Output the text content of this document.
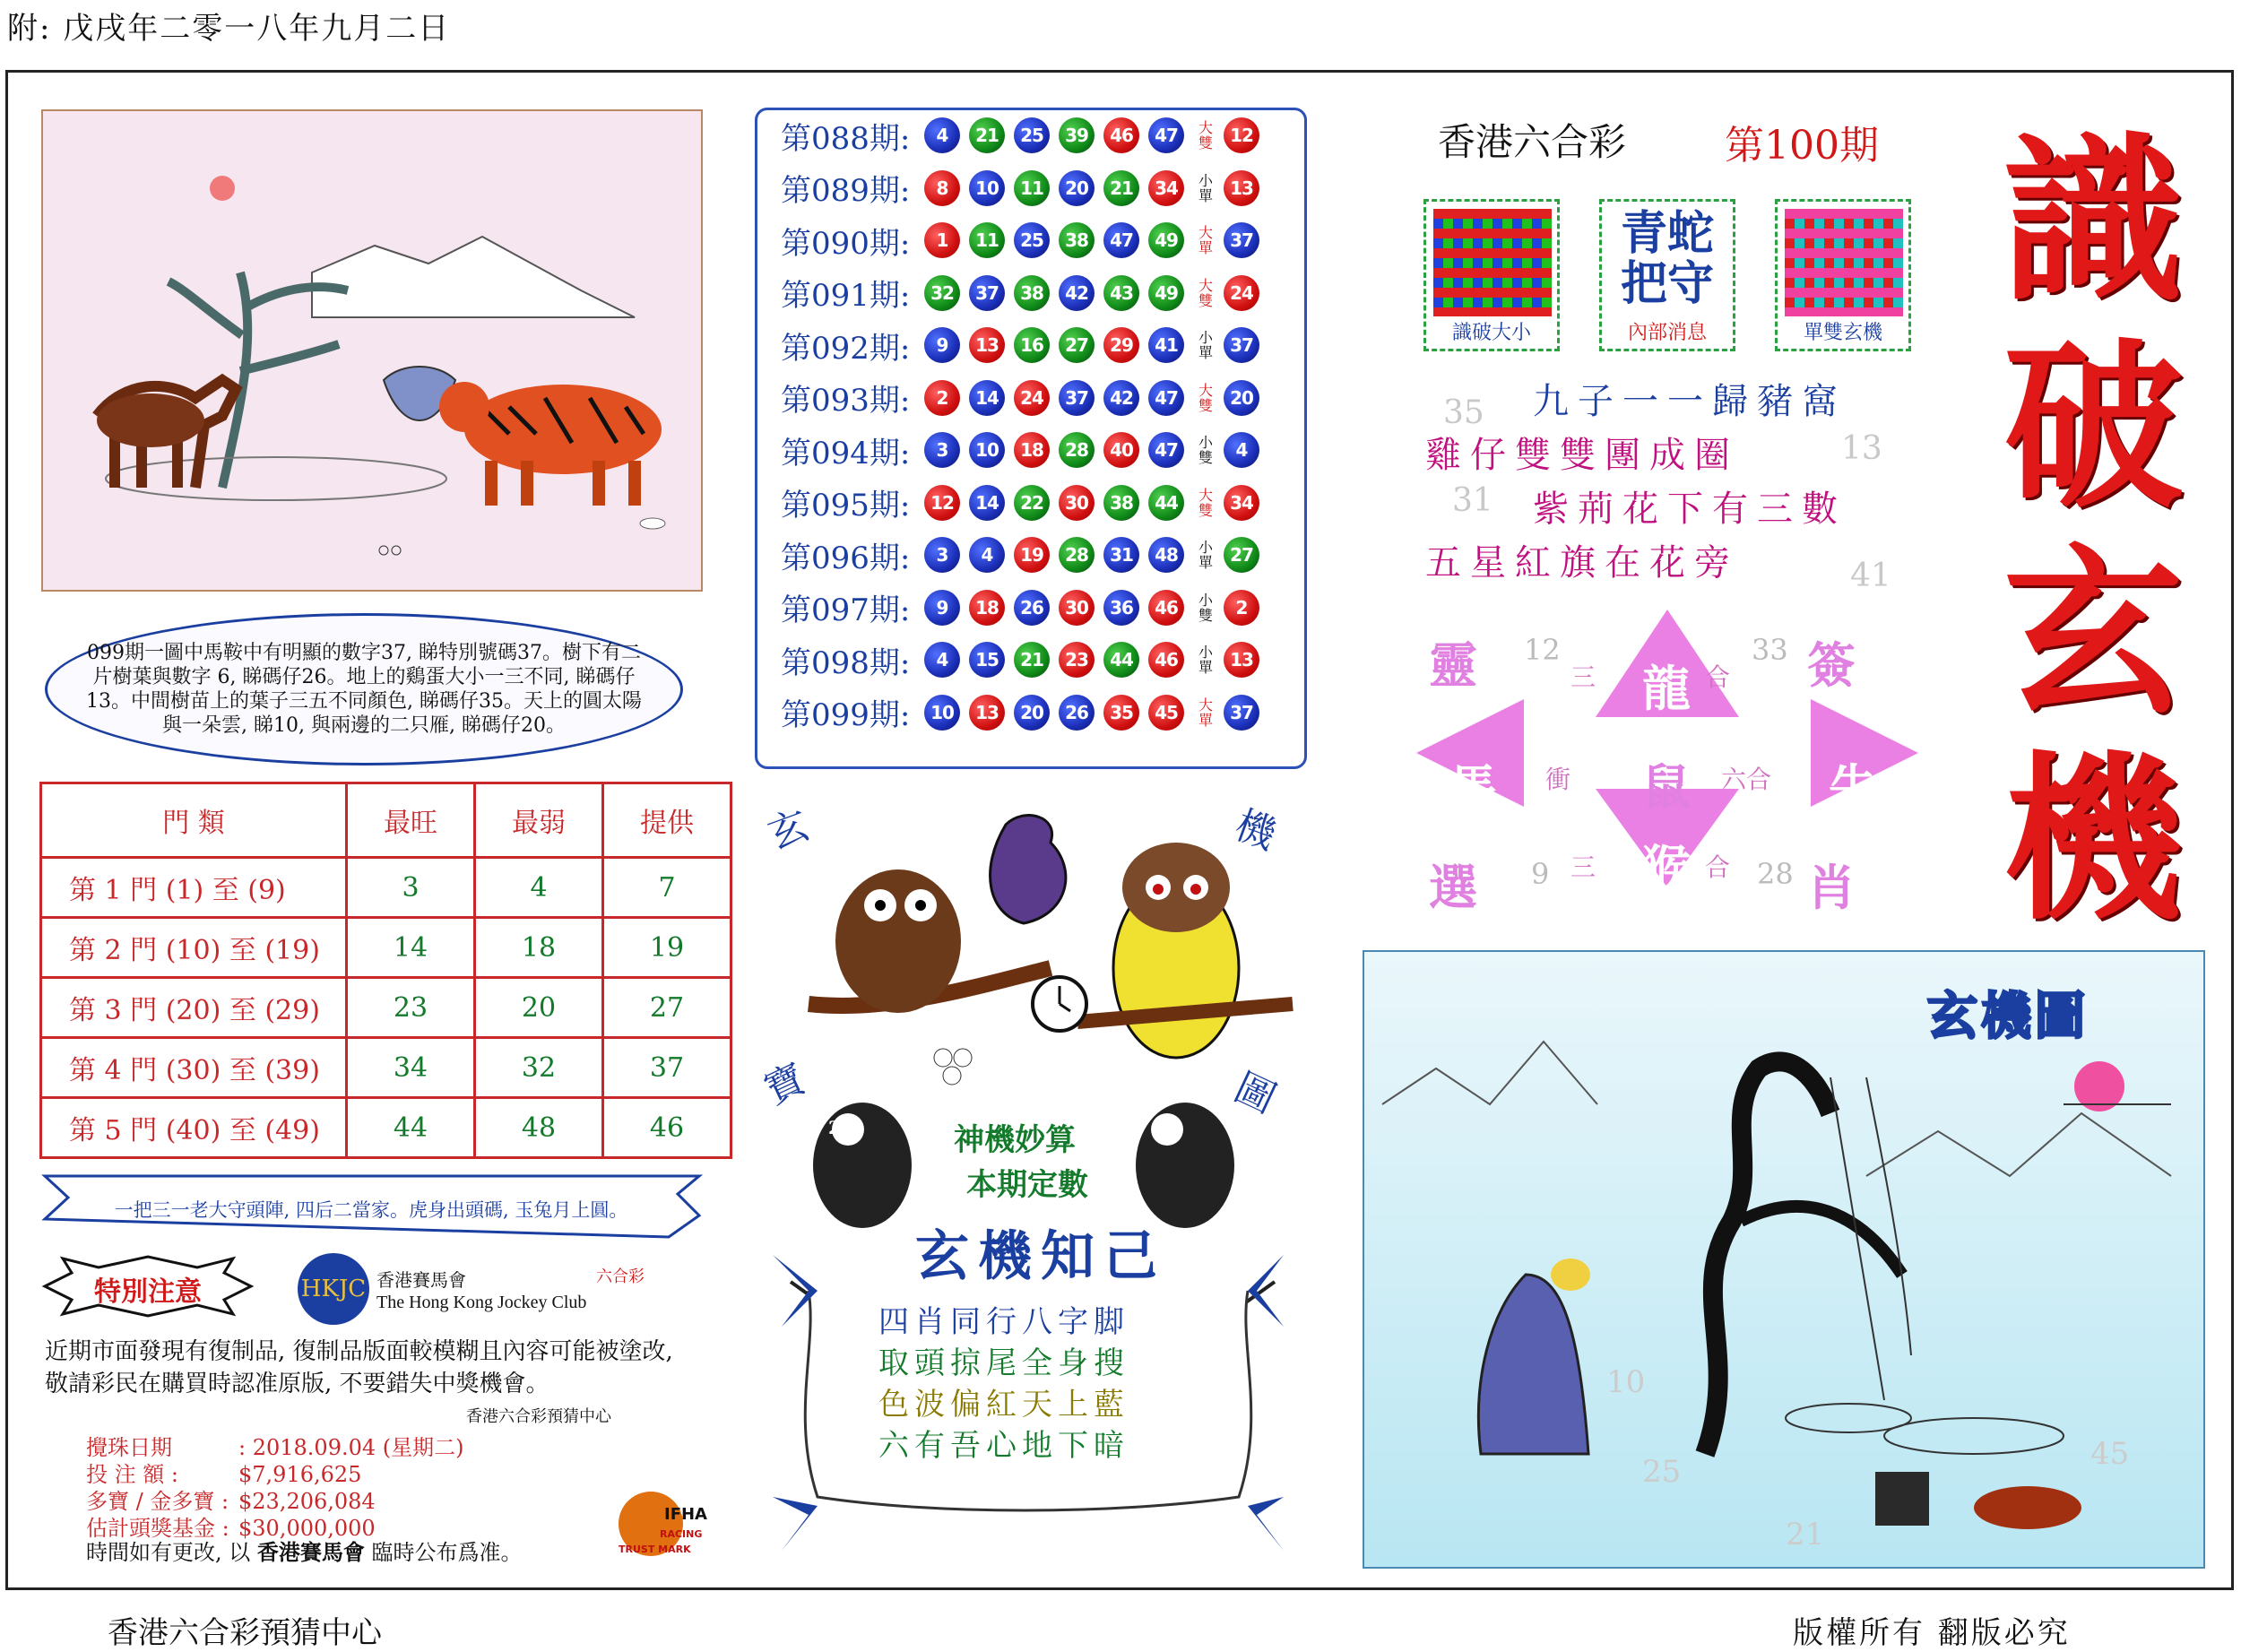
附: 戊戌年二零一八年九月二日
香港六合彩預猜中心	版權所有 翻版必究

099期一圖中馬鞍中有明顯的數字37, 睇特別號碼37。樹下有二片樹葉與數字 6, 睇碼仔26。地上的鷄蛋大小一三不同, 睇碼仔13。中間樹苗上的葉子三五不同顏色, 睇碼仔35。天上的圓太陽與一朵雲, 睇10, 與兩邊的二只雁, 睇碼仔20。

門 類	最旺	最弱	提供
第 1 門 (1) 至 (9)	3	4	7
第 2 門 (10) 至 (19)	14	18	19
第 3 門 (20) 至 (29)	23	20	27
第 4 門 (30) 至 (39)	34	32	37
第 5 門 (40) 至 (49)	44	48	46
一把三一老大守頭陣, 四后二當家。虎身出頭碼, 玉兔月上圓。
特別注意	HKJC 香港賽馬會
The Hong Kong Jockey Club
六合彩
近期市面發現有復制品, 復制品版面較模糊且內容可能被塗改, 敬請彩民在購買時認准原版, 不要錯失中獎機會。
香港六合彩預猜中心
攪珠日期	: 2018.09.04 (星期二)
投 注 額 :	$7,916,625
多寶 / 金多寶 : $23,206,084
估計頭獎基金 : $30,000,000
時間如有更改, 以 香港賽馬會 臨時公布爲准。
IFHA
RACING
TRUST MARK
第088期:	4	21	25	39	46	47	大雙 12
第089期:	8	10	11	20	21	34	小單 13
第090期:	1	11	25	38	47	49	大單 37
第091期:	32	37	38	42	43	49	大雙 24
第092期:	9	13	16	27	29	41	小單 37
第093期:	2	14	24	37	42	47	大雙 20
第094期:	3	10	18	28	40	47	小雙	4
第095期:	12	14	22	30	38	44	大雙 34
第096期:	3	4	19	28	31	48	小單 27
第097期:	9	18	26	30	36	46	小雙	2
第098期:	4	15	21	23	44	46	小單 13
第099期:	10	13	20	26	35	45	大單 37
玄	機
寶	圖
24	49
神機妙算
本期定數
玄機知己
四肖同行八字脚
取頭掠尾全身搜
色波偏紅天上藍
六有吾心地下暗
香港六合彩 第100期
識破大小
青蛇
把守
內部消息	單雙玄機
九子一一歸豬窩
雞仔雙雙團成圈
紫荊花下有三數
五星紅旗在花旁
35
13
31
41
靈	簽
選	肖
龍
馬	牛
猴
鼠
三	合
衝	六合
三	合
12	33
9	28
識
破
玄
機
10
25	45
21
玄機圖
